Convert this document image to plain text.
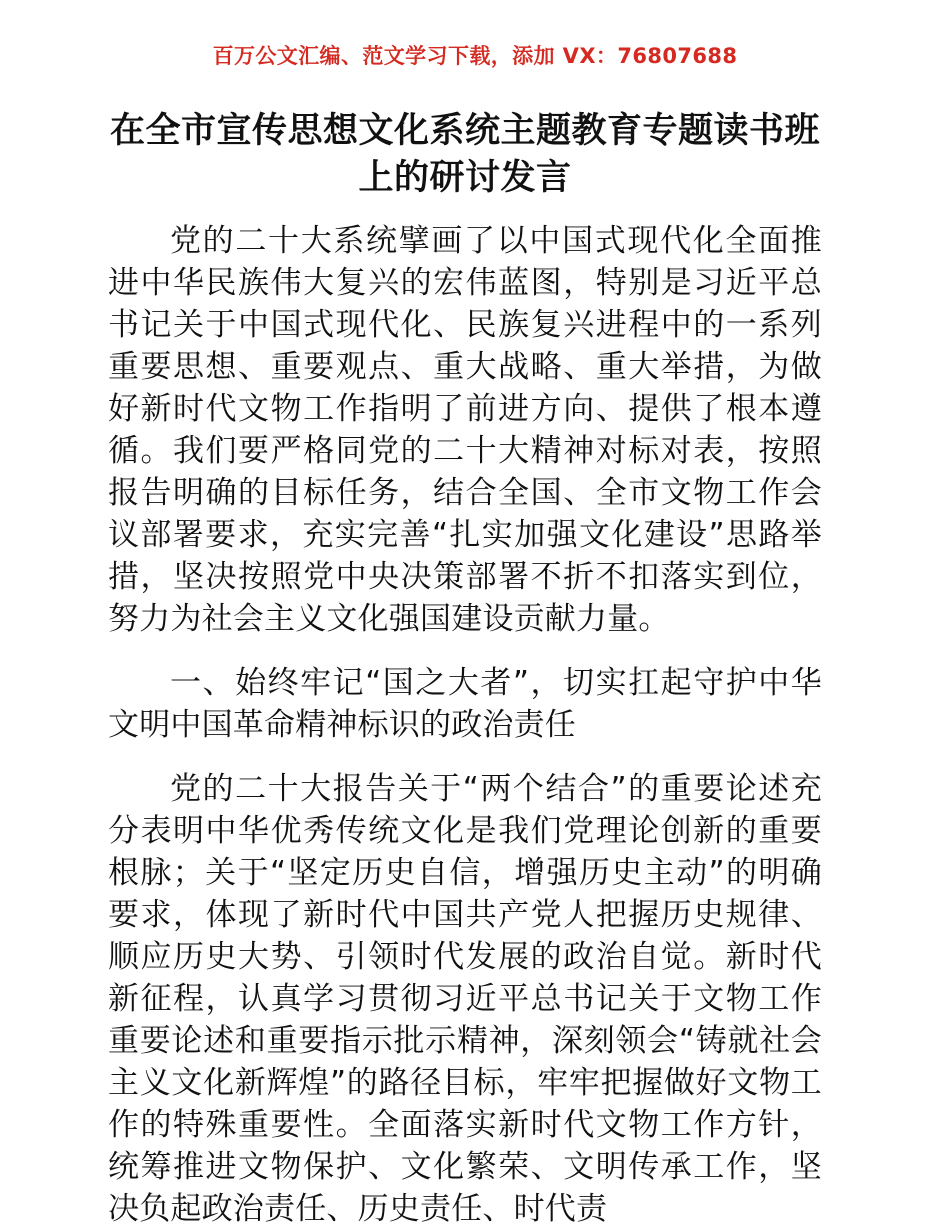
百万公文汇编、范文学习下载，添加 VX：76807688
在全市宣传思想文化系统主题教育专题读书班上的研讨发言

党的二十大系统擘画了以中国式现代化全面推进中华民族伟大复兴的宏伟蓝图，特别是习近平总书记关于中国式现代化、民族复兴进程中的一系列重要思想、重要观点、重大战略、重大举措，为做好新时代文物工作指明了前进方向、提供了根本遵循。我们要严格同党的二十大精神对标对表，按照报告明确的目标任务，结合全国、全市文物工作会议部署要求，充实完善“扎实加强文化建设”思路举措，坚决按照党中央决策部署不折不扣落实到位，努力为社会主义文化强国建设贡献力量。

一、始终牢记“国之大者”，切实扛起守护中华文明中国革命精神标识的政治责任

党的二十大报告关于“两个结合”的重要论述充分表明中华优秀传统文化是我们党理论创新的重要根脉；关于“坚定历史自信，增强历史主动”的明确要求，体现了新时代中国共产党人把握历史规律、顺应历史大势、引领时代发展的政治自觉。新时代新征程，认真学习贯彻习近平总书记关于文物工作重要论述和重要指示批示精神，深刻领会“铸就社会主义文化新辉煌”的路径目标，牢牢把握做好文物工作的特殊重要性。全面落实新时代文物工作方针，统筹推进文物保护、文化繁荣、文明传承工作，坚决负起政治责任、历史责任、时代责
